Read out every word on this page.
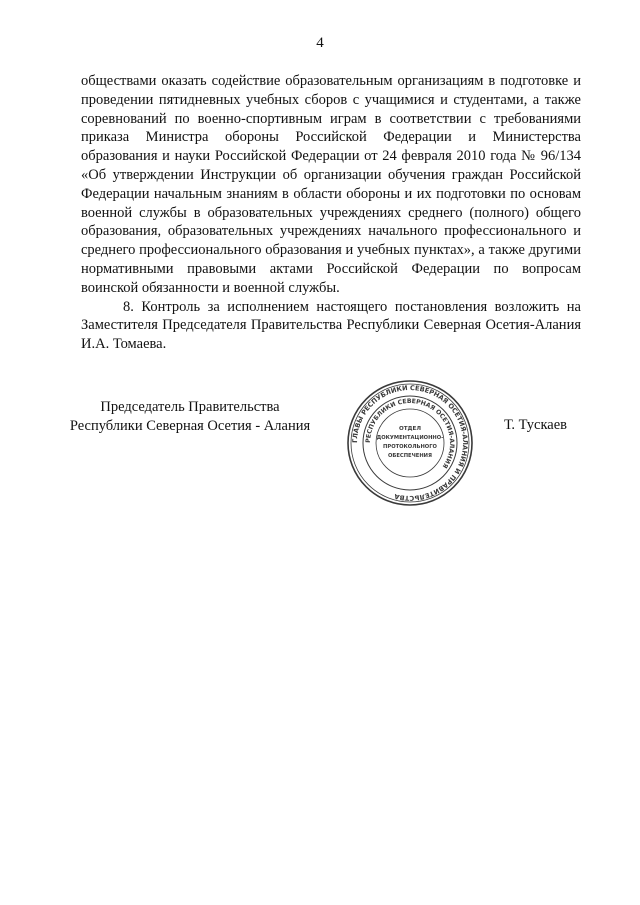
4

обществами оказать содействие образовательным организациям в подготовке и проведении пятидневных учебных сборов с учащимися и студентами, а также соревнований по военно-спортивным играм в соответствии с требованиями приказа Министра обороны Российской Федерации и Министерства образования и науки Российской Федерации от 24 февраля 2010 года № 96/134 «Об утверждении Инструкции об организации обучения граждан Российской Федерации начальным знаниям в области обороны и их подготовки по основам военной службы в образовательных учреждениях среднего (полного) общего образования, образовательных учреждениях начального профессионального и среднего профессионального образования и учебных пунктах», а также другими нормативными правовыми актами Российской Федерации по вопросам воинской обязанности и военной службы.

8. Контроль за исполнением настоящего постановления возложить на Заместителя Председателя Правительства Республики Северная Осетия-Алания И.А. Томаева.

Председатель Правительства
Республики Северная Осетия - Алания
ГЛАВЫ РЕСПУБЛИКИ СЕВЕРНАЯ ОСЕТИЯ-АЛАНИЯ И ПРАВИТЕЛЬСТВА
РЕСПУБЛИКИ СЕВЕРНАЯ ОСЕТИЯ-АЛАНИЯ
ОТДЕЛ
ДОКУМЕНТАЦИОННО-
ПРОТОКОЛЬНОГО
ОБЕСПЕЧЕНИЯ
Т. Тускаев
